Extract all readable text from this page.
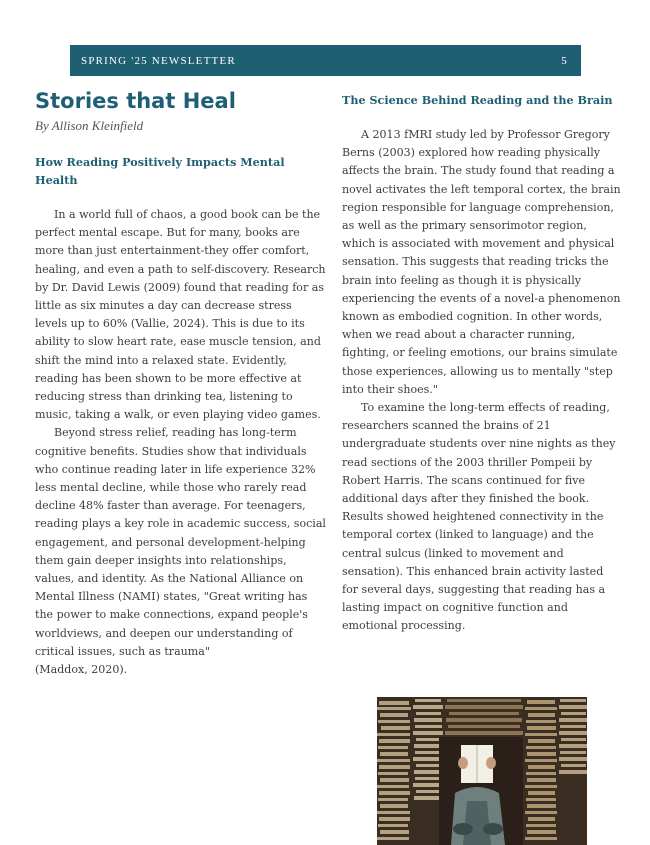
SPRING '25 NEWSLETTER	5
Stories that Heal
By Allison Kleinfield
How Reading Positively Impacts Mental Health

In a world full of chaos, a good book can be the perfect mental escape. But for many, books are more than just entertainment-they offer comfort, healing, and even a path to self-discovery. Research by Dr. David Lewis (2009) found that reading for as little as six minutes a day can decrease stress levels up to 60% (Vallie, 2024). This is due to its ability to slow heart rate, ease muscle tension, and shift the mind into a relaxed state. Evidently, reading has been shown to be more effective at reducing stress than drinking tea, listening to music, taking a walk, or even playing video games.

Beyond stress relief, reading has long-term cognitive benefits. Studies show that individuals who continue reading later in life experience 32% less mental decline, while those who rarely read decline 48% faster than average. For teenagers, reading plays a key role in academic success, social engagement, and personal development-helping them gain deeper insights into relationships, values, and identity. As the National Alliance on Mental Illness (NAMI) states, "Great writing has the power to make connections, expand people's worldviews, and deepen our understanding of critical issues, such as trauma"

(Maddox, 2020).

The Science Behind Reading and the Brain

A 2013 fMRI study led by Professor Gregory Berns (2003) explored how reading physically affects the brain. The study found that reading a novel activates the left temporal cortex, the brain region responsible for language comprehension, as well as the primary sensorimotor region, which is associated with movement and physical sensation. This suggests that reading tricks the brain into feeling as though it is physically experiencing the events of a novel-a phenomenon known as embodied cognition. In other words, when we read about a character running, fighting, or feeling emotions, our brains simulate those experiences, allowing us to mentally "step into their shoes."

To examine the long-term effects of reading, researchers scanned the brains of 21 undergraduate students over nine nights as they read sections of the 2003 thriller Pompeii by Robert Harris. The scans continued for five additional days after they finished the book. Results showed heightened connectivity in the temporal cortex (linked to language) and the central sulcus (linked to movement and sensation). This enhanced brain activity lasted for several days, suggesting that reading has a lasting impact on cognitive function and emotional processing.
